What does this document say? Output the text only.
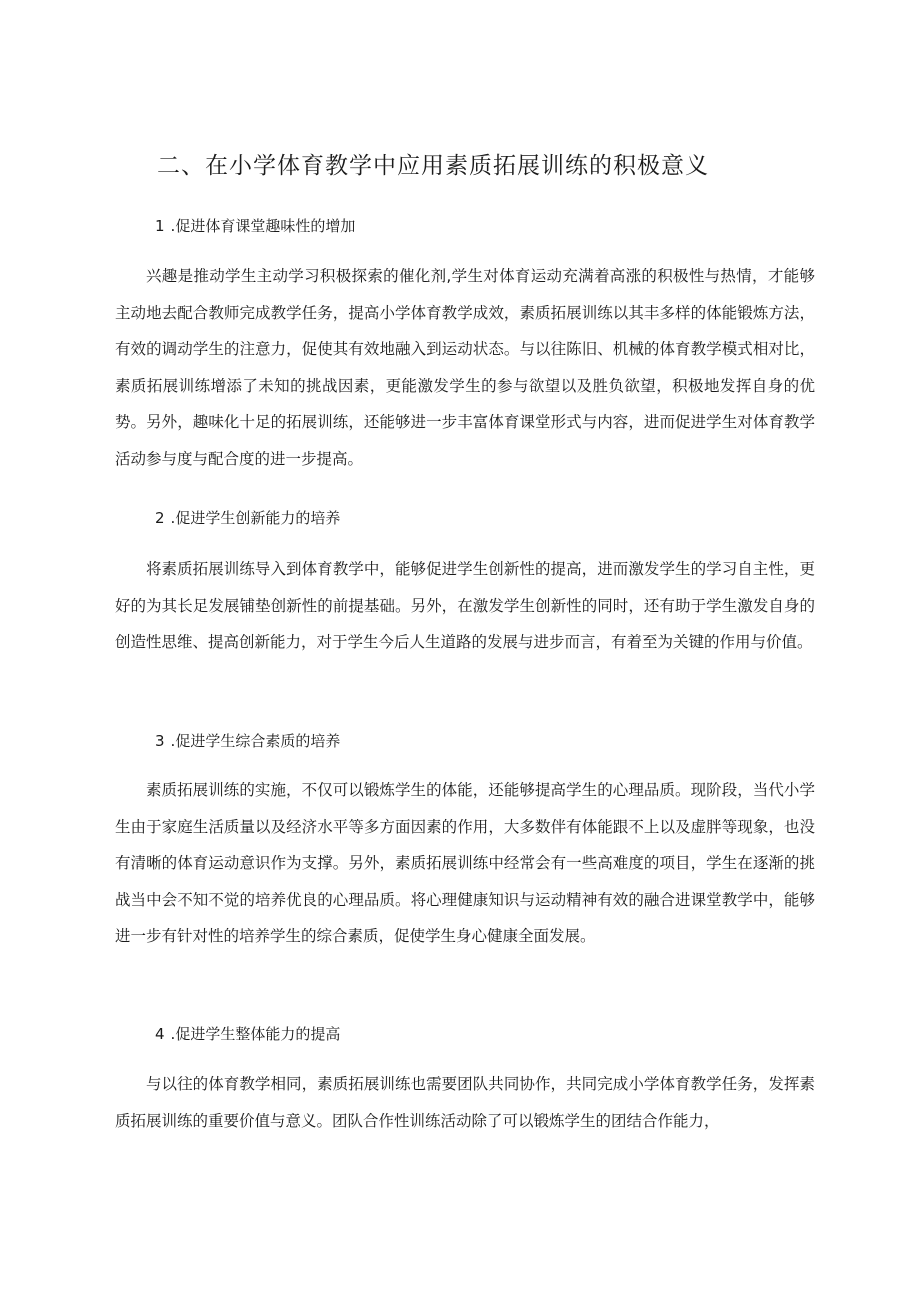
二、在小学体育教学中应用素质拓展训练的积极意义
1 .促进体育课堂趣味性的增加

兴趣是推动学生主动学习积极探索的催化剂,学生对体育运动充满着高涨的积极性与热情，才能够主动地去配合教师完成教学任务，提高小学体育教学成效，素质拓展训练以其丰多样的体能锻炼方法，有效的调动学生的注意力，促使其有效地融入到运动状态。与以往陈旧、机械的体育教学模式相对比，素质拓展训练增添了未知的挑战因素，更能激发学生的参与欲望以及胜负欲望，积极地发挥自身的优势。另外，趣味化十足的拓展训练，还能够进一步丰富体育课堂形式与内容，进而促进学生对体育教学活动参与度与配合度的进一步提高。

2 .促进学生创新能力的培养

将素质拓展训练导入到体育教学中，能够促进学生创新性的提高，进而激发学生的学习自主性，更好的为其长足发展铺垫创新性的前提基础。另外，在激发学生创新性的同时，还有助于学生激发自身的创造性思维、提高创新能力，对于学生今后人生道路的发展与进步而言，有着至为关键的作用与价值。

3 .促进学生综合素质的培养

素质拓展训练的实施，不仅可以锻炼学生的体能，还能够提高学生的心理品质。现阶段，当代小学生由于家庭生活质量以及经济水平等多方面因素的作用，大多数伴有体能跟不上以及虚胖等现象，也没有清晰的体育运动意识作为支撑。另外，素质拓展训练中经常会有一些高难度的项目，学生在逐渐的挑战当中会不知不觉的培养优良的心理品质。将心理健康知识与运动精神有效的融合进课堂教学中，能够进一步有针对性的培养学生的综合素质，促使学生身心健康全面发展。

4 .促进学生整体能力的提高

与以往的体育教学相同，素质拓展训练也需要团队共同协作，共同完成小学体育教学任务，发挥素质拓展训练的重要价值与意义。团队合作性训练活动除了可以锻炼学生的团结合作能力，
